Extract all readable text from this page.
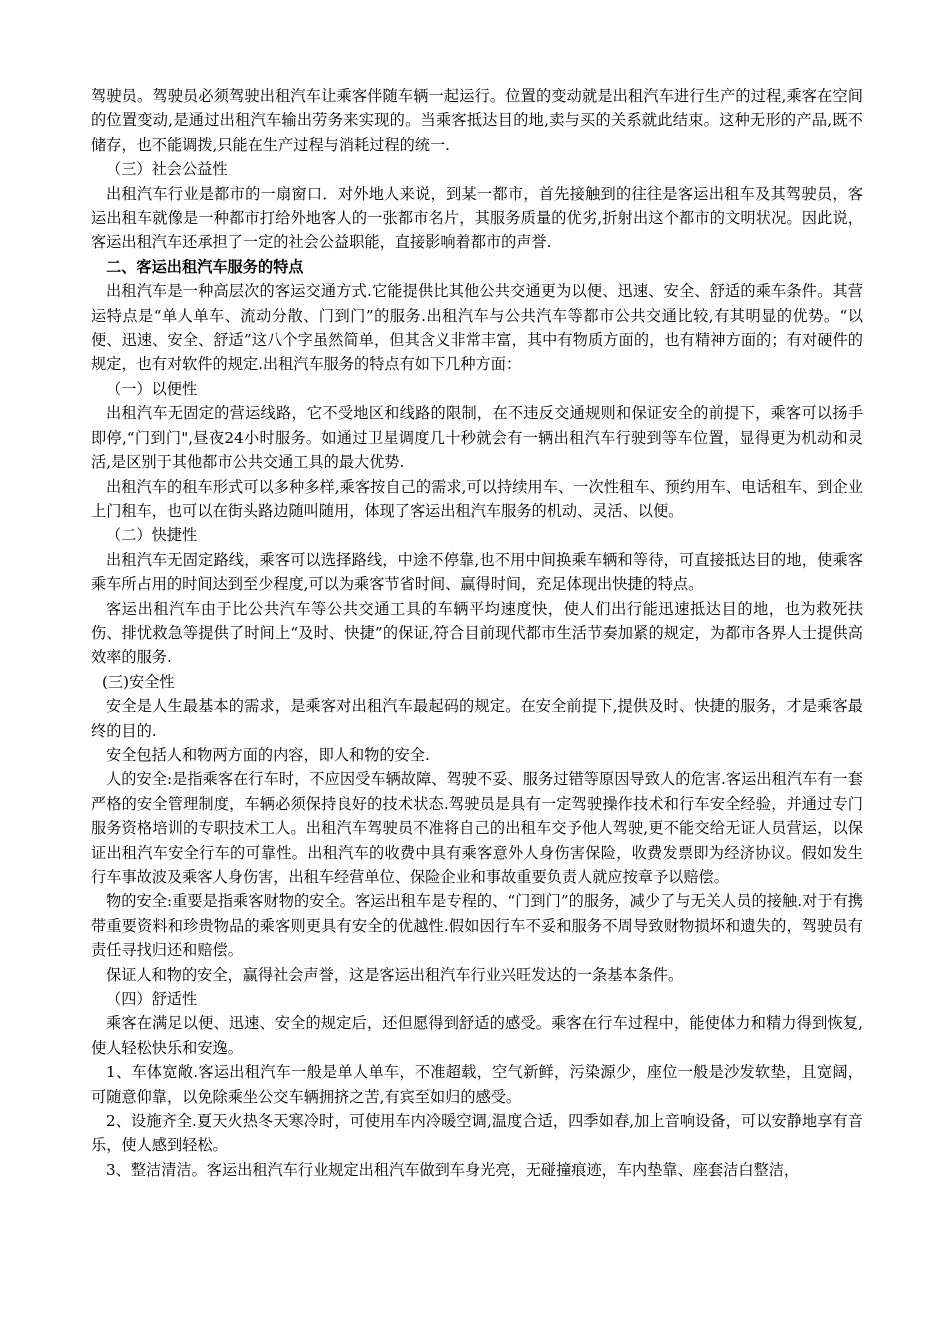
驾驶员。驾驶员必须驾驶出租汽车让乘客伴随车辆一起运行。位置的变动就是出租汽车进行生产的过程,乘客在空间的位置变动,是通过出租汽车输出劳务来实现的。当乘客抵达目的地,卖与买的关系就此结束。这种无形的产品,既不储存，也不能调拨,只能在生产过程与消耗过程的统一.

（三）社会公益性

出租汽车行业是都市的一扇窗口．对外地人来说，到某一都市，首先接触到的往往是客运出租车及其驾驶员，客运出租车就像是一种都市打给外地客人的一张都市名片，其服务质量的优劣,折射出这个都市的文明状况。因此说，客运出租汽车还承担了一定的社会公益职能，直接影响着都市的声誉.

二、客运出租汽车服务的特点

出租汽车是一种高层次的客运交通方式.它能提供比其他公共交通更为以便、迅速、安全、舒适的乘车条件。其营运特点是“单人单车、流动分散、门到门”的服务.出租汽车与公共汽车等都市公共交通比较,有其明显的优势。“以便、迅速、安全、舒适”这八个字虽然简单，但其含义非常丰富，其中有物质方面的，也有精神方面的；有对硬件的规定，也有对软件的规定.出租汽车服务的特点有如下几种方面：

（一）以便性

出租汽车无固定的营运线路，它不受地区和线路的限制，在不违反交通规则和保证安全的前提下，乘客可以扬手即停,“门到门",昼夜24小时服务。如通过卫星调度几十秒就会有一辆出租汽车行驶到等车位置，显得更为机动和灵活,是区别于其他都市公共交通工具的最大优势.

出租汽车的租车形式可以多种多样,乘客按自己的需求,可以持续用车、一次性租车、预约用车、电话租车、到企业上门租车，也可以在街头路边随叫随用，体现了客运出租汽车服务的机动、灵活、以便。

（二）快捷性

出租汽车无固定路线，乘客可以选择路线，中途不停靠,也不用中间换乘车辆和等待，可直接抵达目的地，使乘客乘车所占用的时间达到至少程度,可以为乘客节省时间、赢得时间，充足体现出快捷的特点。

客运出租汽车由于比公共汽车等公共交通工具的车辆平均速度快，使人们出行能迅速抵达目的地，也为救死扶伤、排忧救急等提供了时间上“及时、快捷”的保证,符合目前现代都市生活节奏加紧的规定，为都市各界人士提供高效率的服务.

(三)安全性

安全是人生最基本的需求，是乘客对出租汽车最起码的规定。在安全前提下,提供及时、快捷的服务，才是乘客最终的目的.

安全包括人和物两方面的内容，即人和物的安全.

人的安全:是指乘客在行车时，不应因受车辆故障、驾驶不妥、服务过错等原因导致人的危害.客运出租汽车有一套严格的安全管理制度，车辆必须保持良好的技术状态.驾驶员是具有一定驾驶操作技术和行车安全经验，并通过专门服务资格培训的专职技术工人。出租汽车驾驶员不准将自己的出租车交予他人驾驶,更不能交给无证人员营运，以保证出租汽车安全行车的可靠性。出租汽车的收费中具有乘客意外人身伤害保险，收费发票即为经济协议。假如发生行车事故波及乘客人身伤害，出租车经营单位、保险企业和事故重要负责人就应按章予以赔偿。

物的安全:重要是指乘客财物的安全。客运出租车是专程的、“门到门”的服务，减少了与无关人员的接触.对于有携带重要资料和珍贵物品的乘客则更具有安全的优越性.假如因行车不妥和服务不周导致财物损坏和遗失的，驾驶员有责任寻找归还和赔偿。

保证人和物的安全，赢得社会声誉，这是客运出租汽车行业兴旺发达的一条基本条件。

（四）舒适性

乘客在满足以便、迅速、安全的规定后，还但愿得到舒适的感受。乘客在行车过程中，能使体力和精力得到恢复,使人轻松快乐和安逸。

1、车体宽敞.客运出租汽车一般是单人单车，不准超载，空气新鲜，污染源少，座位一般是沙发软垫，且宽阔，可随意仰靠，以免除乘坐公交车辆拥挤之苦,有宾至如归的感受。

2、设施齐全.夏天火热冬天寒冷时，可使用车内冷暖空调,温度合适，四季如春,加上音响设备，可以安静地享有音乐，使人感到轻松。

3、整洁清洁。客运出租汽车行业规定出租汽车做到车身光亮，无碰撞痕迹，车内垫靠、座套洁白整洁，
